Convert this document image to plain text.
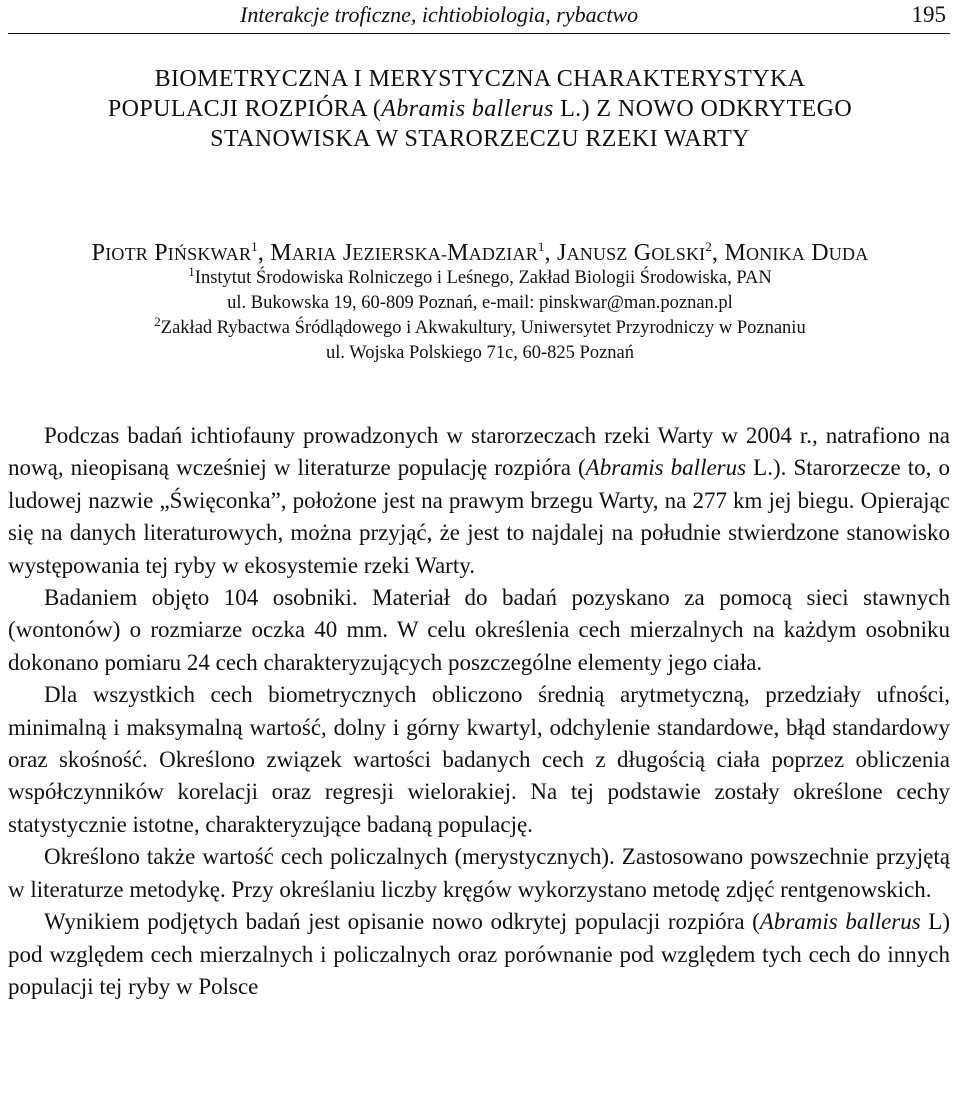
Interakcje troficzne, ichtiobiologia, rybactwo	195
BIOMETRYCZNA I MERYSTYCZNA CHARAKTERYSTYKA
POPULACJI ROZPIÓRA (Abramis ballerus L.) Z NOWO ODKRYTEGO
STANOWISKA W STARORZECZU RZEKI WARTY
PIOTR PIŃSKWAR$^1$, MARIA JEZIERSKA-MADZIAR$^1$, JANUSZ GOLSKI$^2$, MONIKA DUDA
$^1$Instytut Środowiska Rolniczego i Leśnego, Zakład Biologii Środowiska, PAN
ul. Bukowska 19, 60-809 Poznań, e-mail: pinskwar@man.poznan.pl
$^2$Zakład Rybactwa Śródlądowego i Akwakultury, Uniwersytet Przyrodniczy w Poznaniu
ul. Wojska Polskiego 71c, 60-825 Poznań

Podczas badań ichtiofauny prowadzonych w starorzeczach rzeki Warty w 2004 r., natrafiono na nową, nieopisaną wcześniej w literaturze populację rozpióra (Abramis ballerus L.). Starorzecze to, o ludowej nazwie „Święconka”, położone jest na prawym brzegu Warty, na 277 km jej biegu. Opierając się na danych literaturowych, można przyjąć, że jest to najdalej na południe stwierdzone stanowisko występowania tej ryby w ekosystemie rzeki Warty.

Badaniem objęto 104 osobniki. Materiał do badań pozyskano za pomocą sieci stawnych (wontonów) o rozmiarze oczka 40 mm. W celu określenia cech mierzalnych na każdym osobniku dokonano pomiaru 24 cech charakteryzujących poszczególne elementy jego ciała.

Dla wszystkich cech biometrycznych obliczono średnią arytmetyczną, przedziały ufności, minimalną i maksymalną wartość, dolny i górny kwartyl, odchylenie standardowe, błąd standardowy oraz skośność. Określono związek wartości badanych cech z długością ciała poprzez obliczenia współczynników korelacji oraz regresji wielorakiej. Na tej podstawie zostały określone cechy statystycznie istotne, charakteryzujące badaną populację.

Określono także wartość cech policzalnych (merystycznych). Zastosowano powszechnie przyjętą w literaturze metodykę. Przy określaniu liczby kręgów wykorzystano metodę zdjęć rentgenowskich.

Wynikiem podjętych badań jest opisanie nowo odkrytej populacji rozpióra (Abramis ballerus L) pod względem cech mierzalnych i policzalnych oraz porównanie pod względem tych cech do innych populacji tej ryby w Polsce
